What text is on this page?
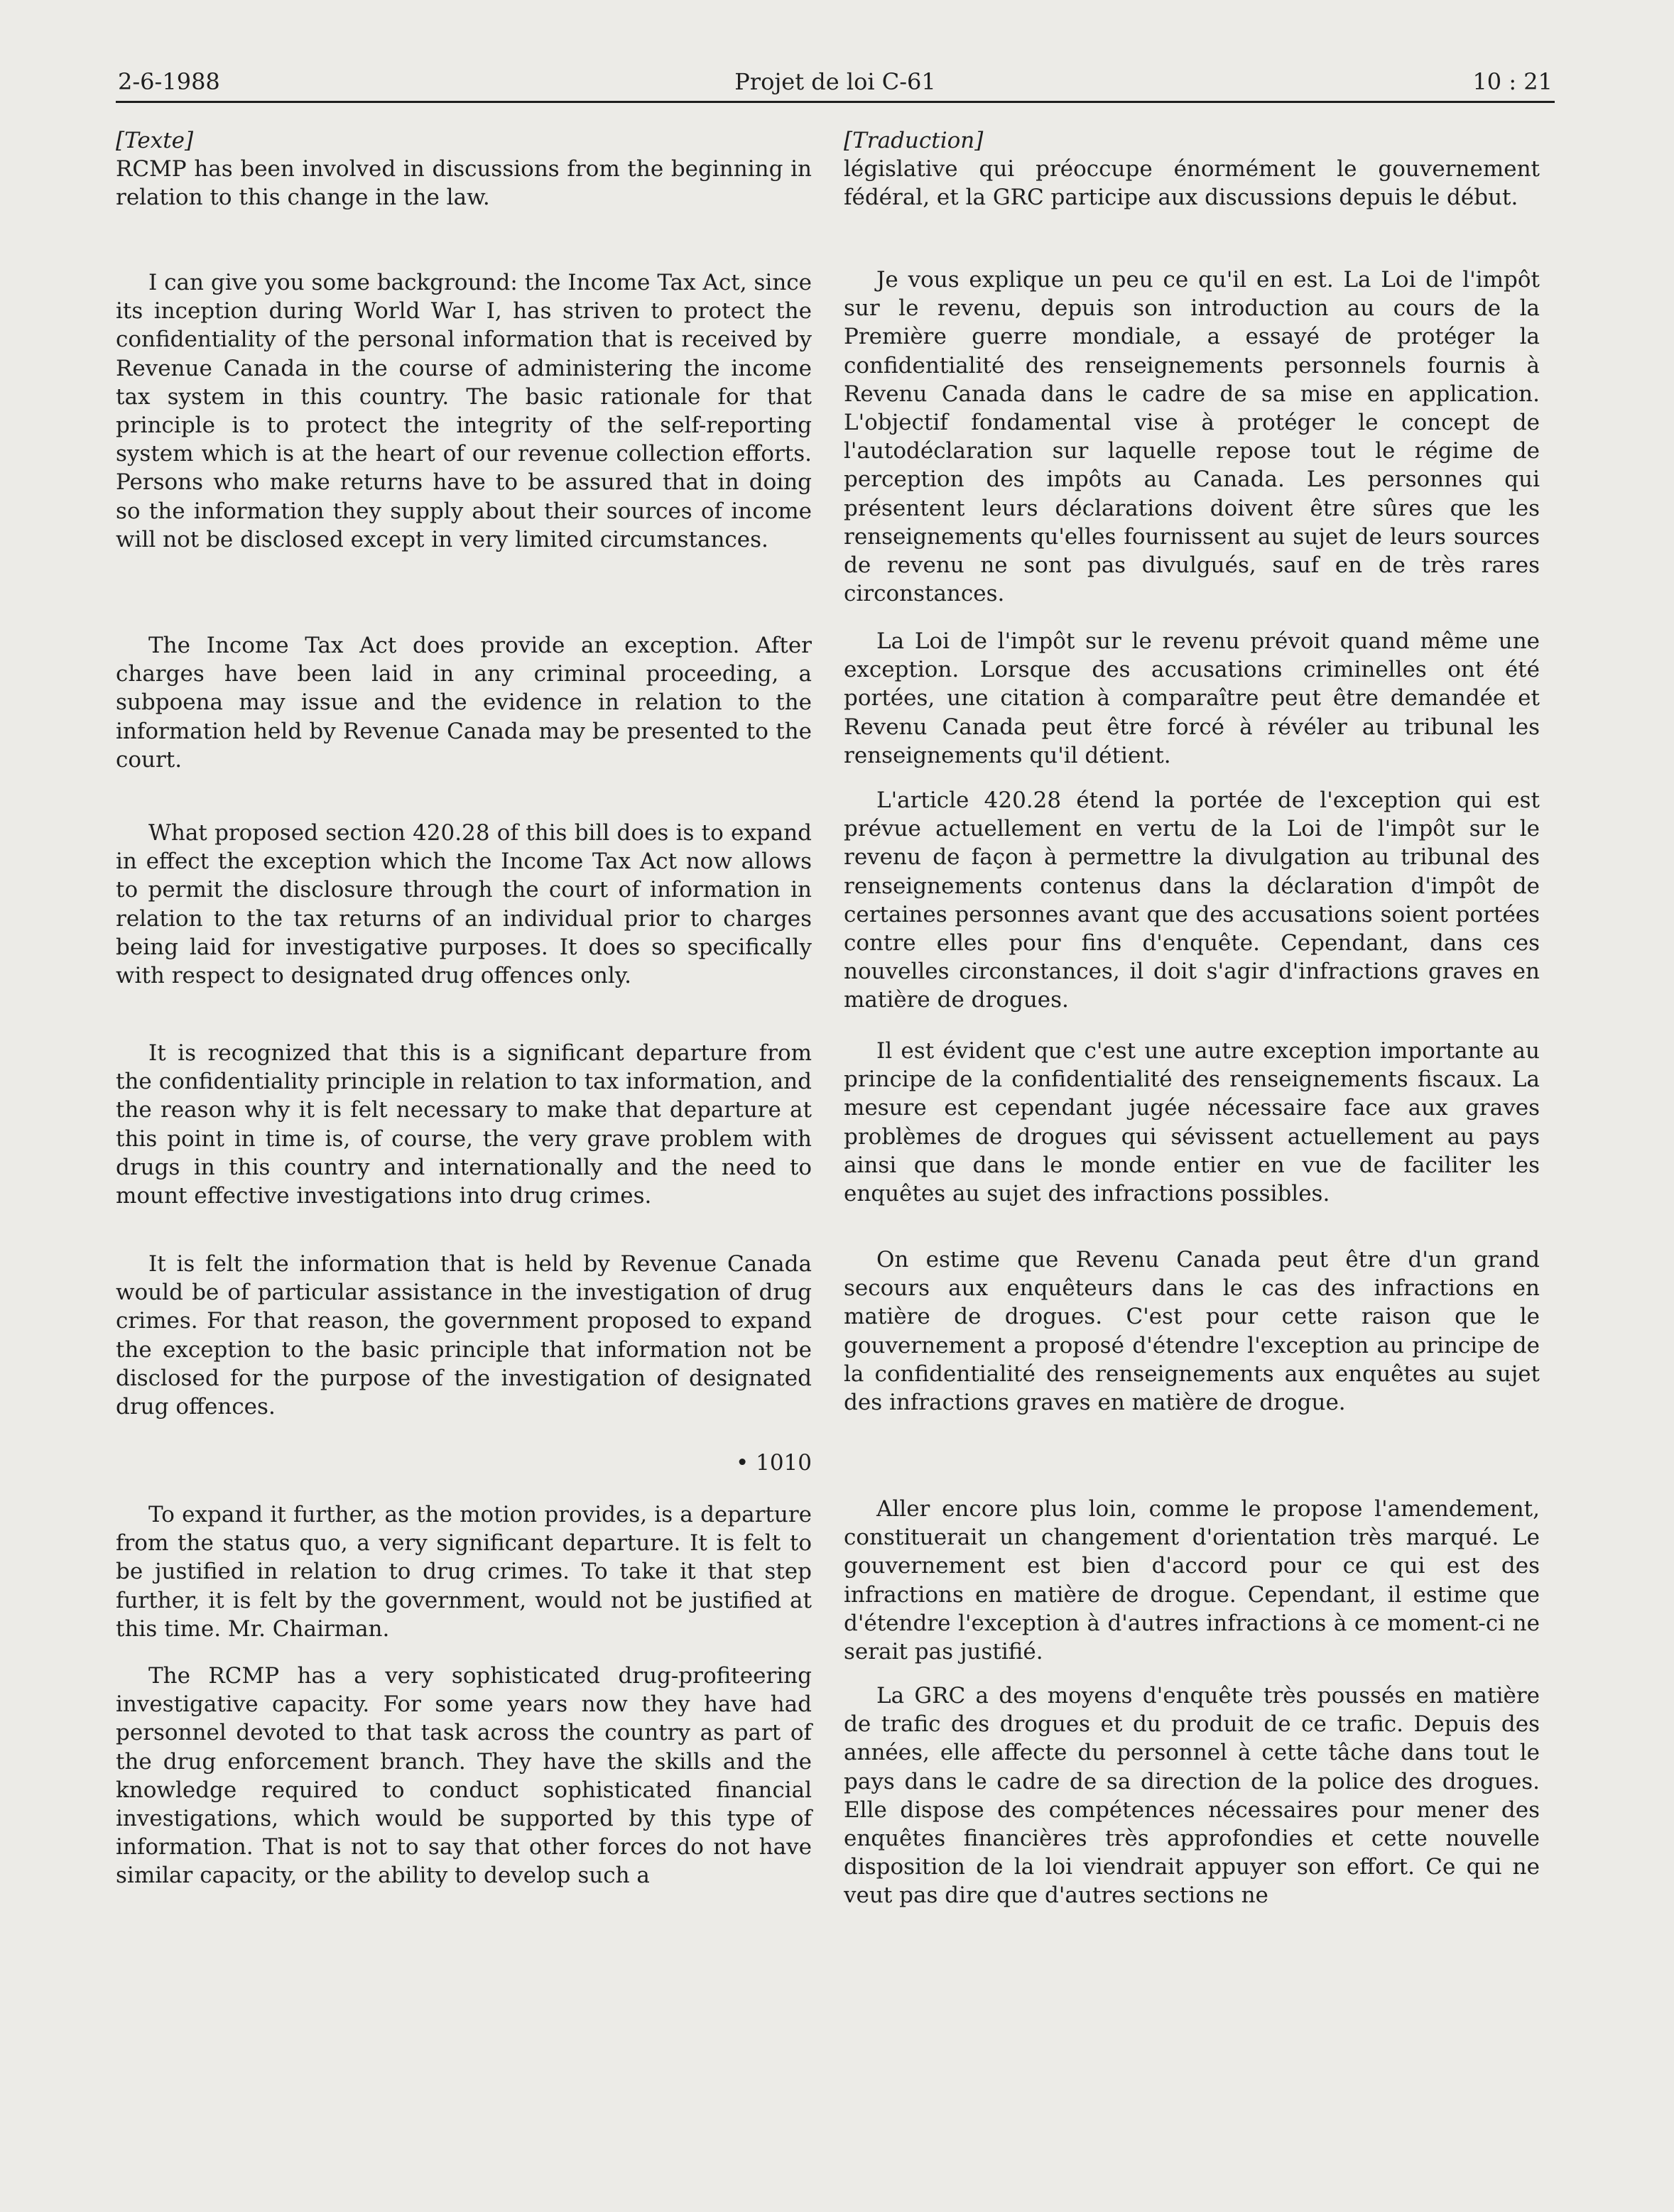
2-6-1988	Projet de loi C-61	10 : 21
[Texte]

RCMP has been involved in discussions from the beginning in relation to this change in the law.

I can give you some background: the Income Tax Act, since its inception during World War I, has striven to protect the confidentiality of the personal information that is received by Revenue Canada in the course of administering the income tax system in this country. The basic rationale for that principle is to protect the integrity of the self-reporting system which is at the heart of our revenue collection efforts. Persons who make returns have to be assured that in doing so the information they supply about their sources of income will not be disclosed except in very limited circumstances.

The Income Tax Act does provide an exception. After charges have been laid in any criminal proceeding, a subpoena may issue and the evidence in relation to the information held by Revenue Canada may be presented to the court.

What proposed section 420.28 of this bill does is to expand in effect the exception which the Income Tax Act now allows to permit the disclosure through the court of information in relation to the tax returns of an individual prior to charges being laid for investigative purposes. It does so specifically with respect to designated drug offences only.

It is recognized that this is a significant departure from the confidentiality principle in relation to tax information, and the reason why it is felt necessary to make that departure at this point in time is, of course, the very grave problem with drugs in this country and internationally and the need to mount effective investigations into drug crimes.

It is felt the information that is held by Revenue Canada would be of particular assistance in the investigation of drug crimes. For that reason, the government proposed to expand the exception to the basic principle that information not be disclosed for the purpose of the investigation of designated drug offences.

• 1010

To expand it further, as the motion provides, is a departure from the status quo, a very significant departure. It is felt to be justified in relation to drug crimes. To take it that step further, it is felt by the government, would not be justified at this time. Mr. Chairman.

The RCMP has a very sophisticated drug-profiteering investigative capacity. For some years now they have had personnel devoted to that task across the country as part of the drug enforcement branch. They have the skills and the knowledge required to conduct sophisticated financial investigations, which would be supported by this type of information. That is not to say that other forces do not have similar capacity, or the ability to develop such a

[Traduction]

législative qui préoccupe énormément le gouvernement fédéral, et la GRC participe aux discussions depuis le début.

Je vous explique un peu ce qu'il en est. La Loi de l'impôt sur le revenu, depuis son introduction au cours de la Première guerre mondiale, a essayé de protéger la confidentialité des renseignements personnels fournis à Revenu Canada dans le cadre de sa mise en application. L'objectif fondamental vise à protéger le concept de l'autodéclaration sur laquelle repose tout le régime de perception des impôts au Canada. Les personnes qui présentent leurs déclarations doivent être sûres que les renseignements qu'elles fournissent au sujet de leurs sources de revenu ne sont pas divulgués, sauf en de très rares circonstances.

La Loi de l'impôt sur le revenu prévoit quand même une exception. Lorsque des accusations criminelles ont été portées, une citation à comparaître peut être demandée et Revenu Canada peut être forcé à révéler au tribunal les renseignements qu'il détient.

L'article 420.28 étend la portée de l'exception qui est prévue actuellement en vertu de la Loi de l'impôt sur le revenu de façon à permettre la divulgation au tribunal des renseignements contenus dans la déclaration d'impôt de certaines personnes avant que des accusations soient portées contre elles pour fins d'enquête. Cependant, dans ces nouvelles circonstances, il doit s'agir d'infractions graves en matière de drogues.

Il est évident que c'est une autre exception importante au principe de la confidentialité des renseignements fiscaux. La mesure est cependant jugée nécessaire face aux graves problèmes de drogues qui sévissent actuellement au pays ainsi que dans le monde entier en vue de faciliter les enquêtes au sujet des infractions possibles.

On estime que Revenu Canada peut être d'un grand secours aux enquêteurs dans le cas des infractions en matière de drogues. C'est pour cette raison que le gouvernement a proposé d'étendre l'exception au principe de la confidentialité des renseignements aux enquêtes au sujet des infractions graves en matière de drogue.

Aller encore plus loin, comme le propose l'amendement, constituerait un changement d'orientation très marqué. Le gouvernement est bien d'accord pour ce qui est des infractions en matière de drogue. Cependant, il estime que d'étendre l'exception à d'autres infractions à ce moment-ci ne serait pas justifié.

La GRC a des moyens d'enquête très poussés en matière de trafic des drogues et du produit de ce trafic. Depuis des années, elle affecte du personnel à cette tâche dans tout le pays dans le cadre de sa direction de la police des drogues. Elle dispose des compétences nécessaires pour mener des enquêtes financières très approfondies et cette nouvelle disposition de la loi viendrait appuyer son effort. Ce qui ne veut pas dire que d'autres sections ne
